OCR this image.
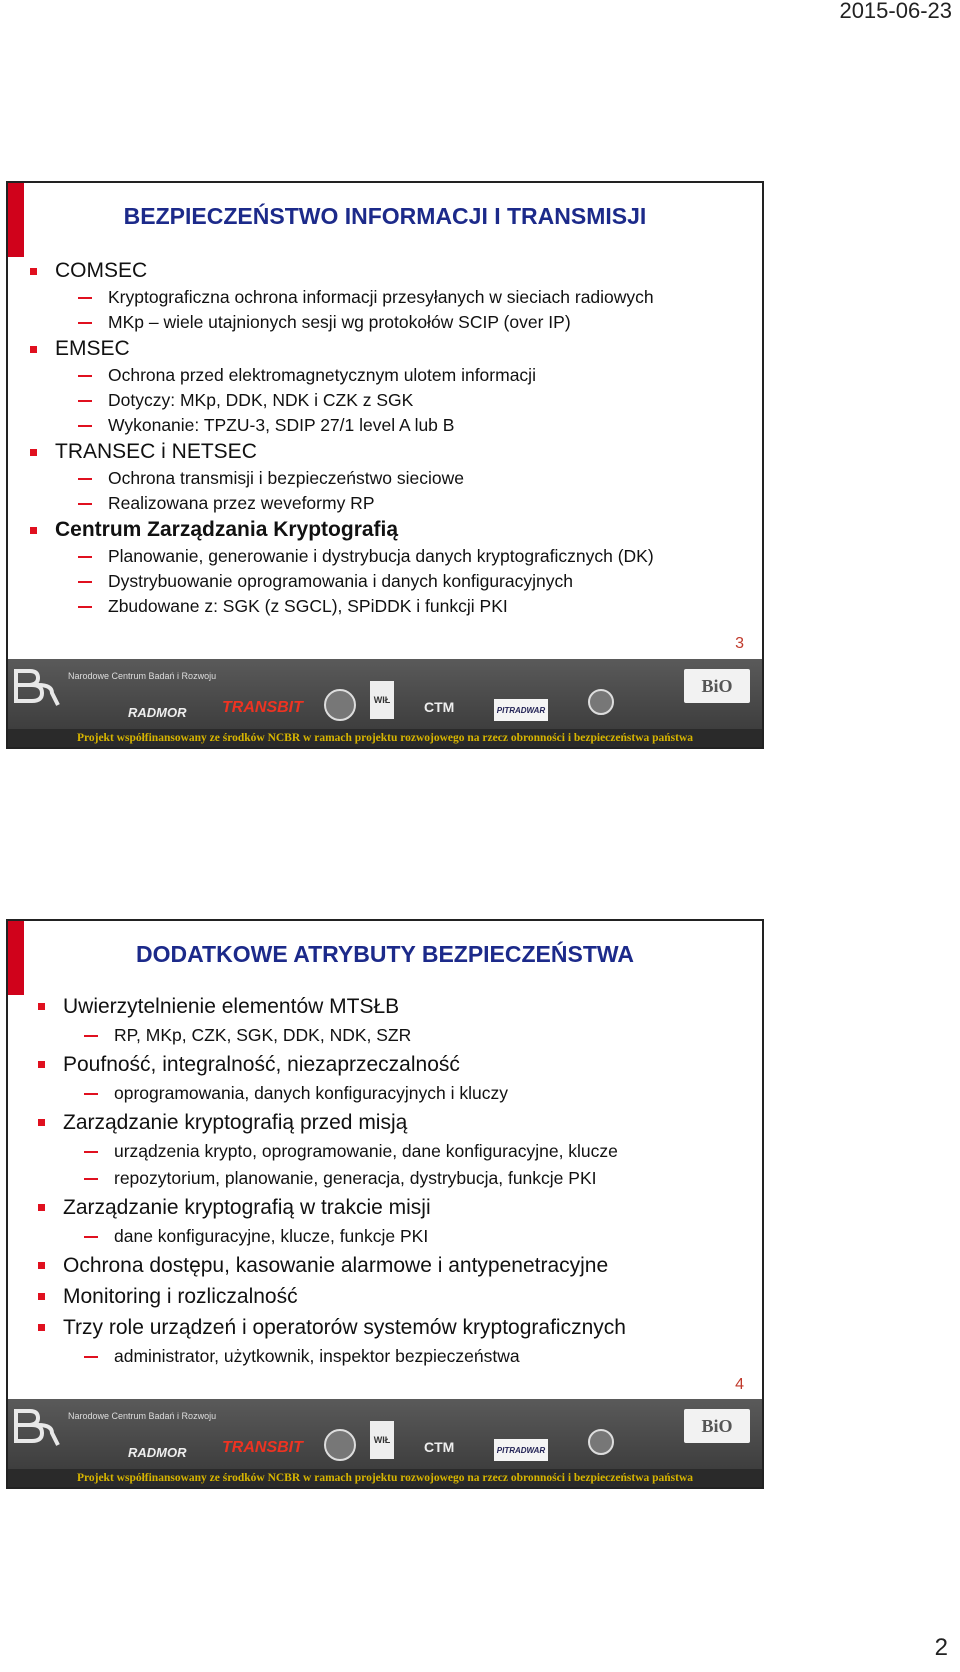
2015-06-23
BEZPIECZEŃSTWO INFORMACJI I TRANSMISJI
COMSEC
Kryptograficzna ochrona informacji przesyłanych w sieciach radiowych
MKp – wiele utajnionych sesji wg protokołów SCIP (over IP)
EMSEC
Ochrona przed elektromagnetycznym ulotem informacji
Dotyczy: MKp, DDK, NDK i CZK z SGK
Wykonanie: TPZU-3, SDIP 27/1 level A lub B
TRANSEC i NETSEC
Ochrona transmisji i bezpieczeństwo sieciowe
Realizowana przez weveformy RP
Centrum Zarządzania Kryptografią
Planowanie, generowanie i dystrybucja danych kryptograficznych (DK)
Dystrybuowanie oprogramowania i danych konfiguracyjnych
Zbudowane z: SGK (z SGCL), SPiDDK i funkcji PKI
3
Narodowe Centrum Badań i Rozwoju
RADMOR TRANSBIT	WIŁ CTM	PITRADWAR
BiO
Projekt współfinansowany ze środków NCBR w ramach projektu rozwojowego na rzecz obronności i bezpieczeństwa państwa
DODATKOWE ATRYBUTY BEZPIECZEŃSTWA
Uwierzytelnienie elementów MTSŁB
RP, MKp, CZK, SGK, DDK, NDK, SZR
Poufność, integralność, niezaprzeczalność
oprogramowania, danych konfiguracyjnych i kluczy
Zarządzanie kryptografią przed misją
urządzenia krypto, oprogramowanie, dane konfiguracyjne, klucze
repozytorium, planowanie, generacja, dystrybucja, funkcje PKI
Zarządzanie kryptografią w trakcie misji
dane konfiguracyjne, klucze, funkcje PKI
Ochrona dostępu, kasowanie alarmowe i antypenetracyjne
Monitoring i rozliczalność
Trzy role urządzeń i operatorów systemów kryptograficznych
administrator, użytkownik, inspektor bezpieczeństwa
4
Narodowe Centrum Badań i Rozwoju
RADMOR TRANSBIT	WIŁ CTM	PITRADWAR
BiO
Projekt współfinansowany ze środków NCBR w ramach projektu rozwojowego na rzecz obronności i bezpieczeństwa państwa
2
